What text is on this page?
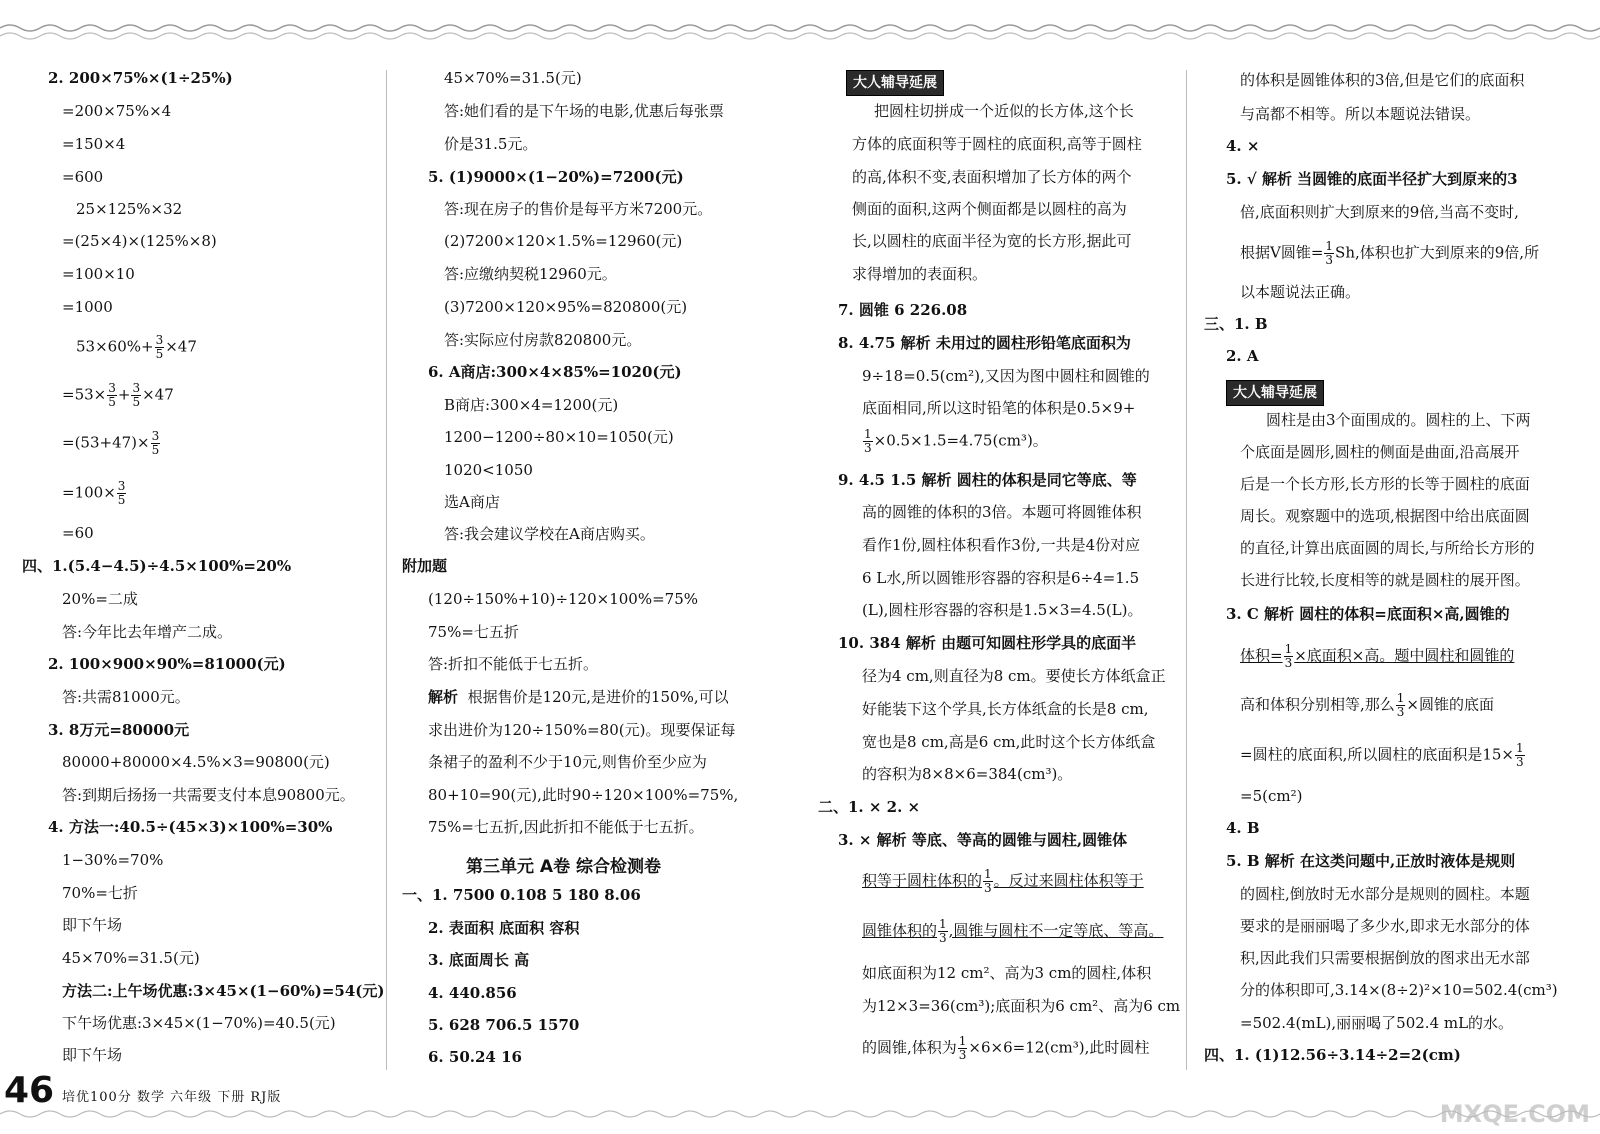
2. 200×75%×(1÷25%)
=200×75%×4
=150×4
=600
25×125%×32
=(25×4)×(125%×8)
=100×10
=1000
$53\times 60\%+ \frac{3}{5} \times 47$
$=53\times \frac{3}{5} + \frac{3}{5} \times 47$
$=(53+47)\times \frac{3}{5}$
$=100\times \frac{3}{5}$
=60
四、1.(5.4−4.5)÷4.5×100%=20%
20%=二成
答:今年比去年增产二成。
2. 100×900×90%=81000(元)
答:共需81000元。
3. 8万元=80000元
80000+80000×4.5%×3=90800(元)
答:到期后扬扬一共需要支付本息90800元。
4. 方法一:40.5÷(45×3)×100%=30%
1−30%=70%
70%=七折
即下午场
45×70%=31.5(元)
方法二:上午场优惠:3×45×(1−60%)=54(元)
下午场优惠:3×45×(1−70%)=40.5(元)
即下午场
45×70%=31.5(元)
答:她们看的是下午场的电影,优惠后每张票
价是31.5元。
5. (1)9000×(1−20%)=7200(元)
答:现在房子的售价是每平方米7200元。
(2)7200×120×1.5%=12960(元)
答:应缴纳契税12960元。
(3)7200×120×95%=820800(元)
答:实际应付房款820800元。
6. A商店:300×4×85%=1020(元)
B商店:300×4=1200(元)
1200−1200÷80×10=1050(元)
1020<1050
选A商店
答:我会建议学校在A商店购买。
附加题
(120÷150%+10)÷120×100%=75%
75%=七五折
答:折扣不能低于七五折。
解析 根据售价是120元,是进价的150%,可以
求出进价为120÷150%=80(元)。现要保证每
条裙子的盈利不少于10元,则售价至少应为
80+10=90(元),此时90÷120×100%=75%,
75%=七五折,因此折扣不能低于七五折。
第三单元 A卷 综合检测卷
一、1. 7500 0.108 5 180 8.06
2. 表面积 底面积 容积
3. 底面周长 高
4. 440.856
5. 628 706.5 1570
6. 50.24 16
大人辅导延展
把圆柱切拼成一个近似的长方体,这个长
方体的底面积等于圆柱的底面积,高等于圆柱
的高,体积不变,表面积增加了长方体的两个
侧面的面积,这两个侧面都是以圆柱的高为
长,以圆柱的底面半径为宽的长方形,据此可
求得增加的表面积。
7. 圆锥 6 226.08
8. 4.75 解析 未用过的圆柱形铅笔底面积为
9÷18=0.5(cm²),又因为图中圆柱和圆锥的
底面相同,所以这时铅笔的体积是0.5×9+
$\frac{1}{3} \times 0.5\times 1.5=4.75(cm^3)$。
9. 4.5 1.5 解析 圆柱的体积是同它等底、等
高的圆锥的体积的3倍。本题可将圆锥体积
看作1份,圆柱体积看作3份,一共是4份对应
6 L水,所以圆锥形容器的容积是6÷4=1.5
(L),圆柱形容器的容积是1.5×3=4.5(L)。
10. 384 解析 由题可知圆柱形学具的底面半
径为4 cm,则直径为8 cm。要使长方体纸盒正
好能装下这个学具,长方体纸盒的长是8 cm,
宽也是8 cm,高是6 cm,此时这个长方体纸盒
的容积为8×8×6=384(cm³)。
二、1. × 2. ×
3. × 解析 等底、等高的圆锥与圆柱,圆锥体
积等于圆柱体积的 $\frac{1}{3}$ 。反过来圆柱体积等于
圆锥体积的 $\frac{1}{3}$ ,圆锥与圆柱不一定等底、等高。
如底面积为12 cm²、高为3 cm的圆柱,体积
为12×3=36(cm³);底面积为6 cm²、高为6 cm
的圆锥,体积为 $\frac{1}{3} \times 6\times 6=12(cm^3)$,此时圆柱
的体积是圆锥体积的3倍,但是它们的底面积
与高都不相等。所以本题说法错误。
4. ×
5. √ 解析 当圆锥的底面半径扩大到原来的3
倍,底面积则扩大到原来的9倍,当高不变时,
根据V圆锥= $\frac{1}{3} Sh$,体积也扩大到原来的9倍,所
以本题说法正确。
三、1. B
2. A
大人辅导延展
圆柱是由3个面围成的。圆柱的上、下两
个底面是圆形,圆柱的侧面是曲面,沿高展开
后是一个长方形,长方形的长等于圆柱的底面
周长。观察题中的选项,根据图中给出底面圆
的直径,计算出底面圆的周长,与所给长方形的
长进行比较,长度相等的就是圆柱的展开图。
3. C 解析 圆柱的体积=底面积×高,圆锥的
体积= $\frac{1}{3}$ ×底面积×高。题中圆柱和圆锥的
高和体积分别相等,那么 $\frac{1}{3}$ ×圆锥的底面
=圆柱的底面积,所以圆柱的底面积是$15\times \frac{1}{3}$
=5(cm²)
4. B
5. B 解析 在这类问题中,正放时液体是规则
的圆柱,倒放时无水部分是规则的圆柱。本题
要求的是丽丽喝了多少水,即求无水部分的体
积,因此我们只需要根据倒放的图求出无水部
分的体积即可,3.14×(8÷2)²×10=502.4(cm³)
=502.4(mL),丽丽喝了502.4 mL的水。
四、1. (1)12.56÷3.14÷2=2(cm)
46 培优100分 数学 六年级 下册 RJ版
MXQE.COM
